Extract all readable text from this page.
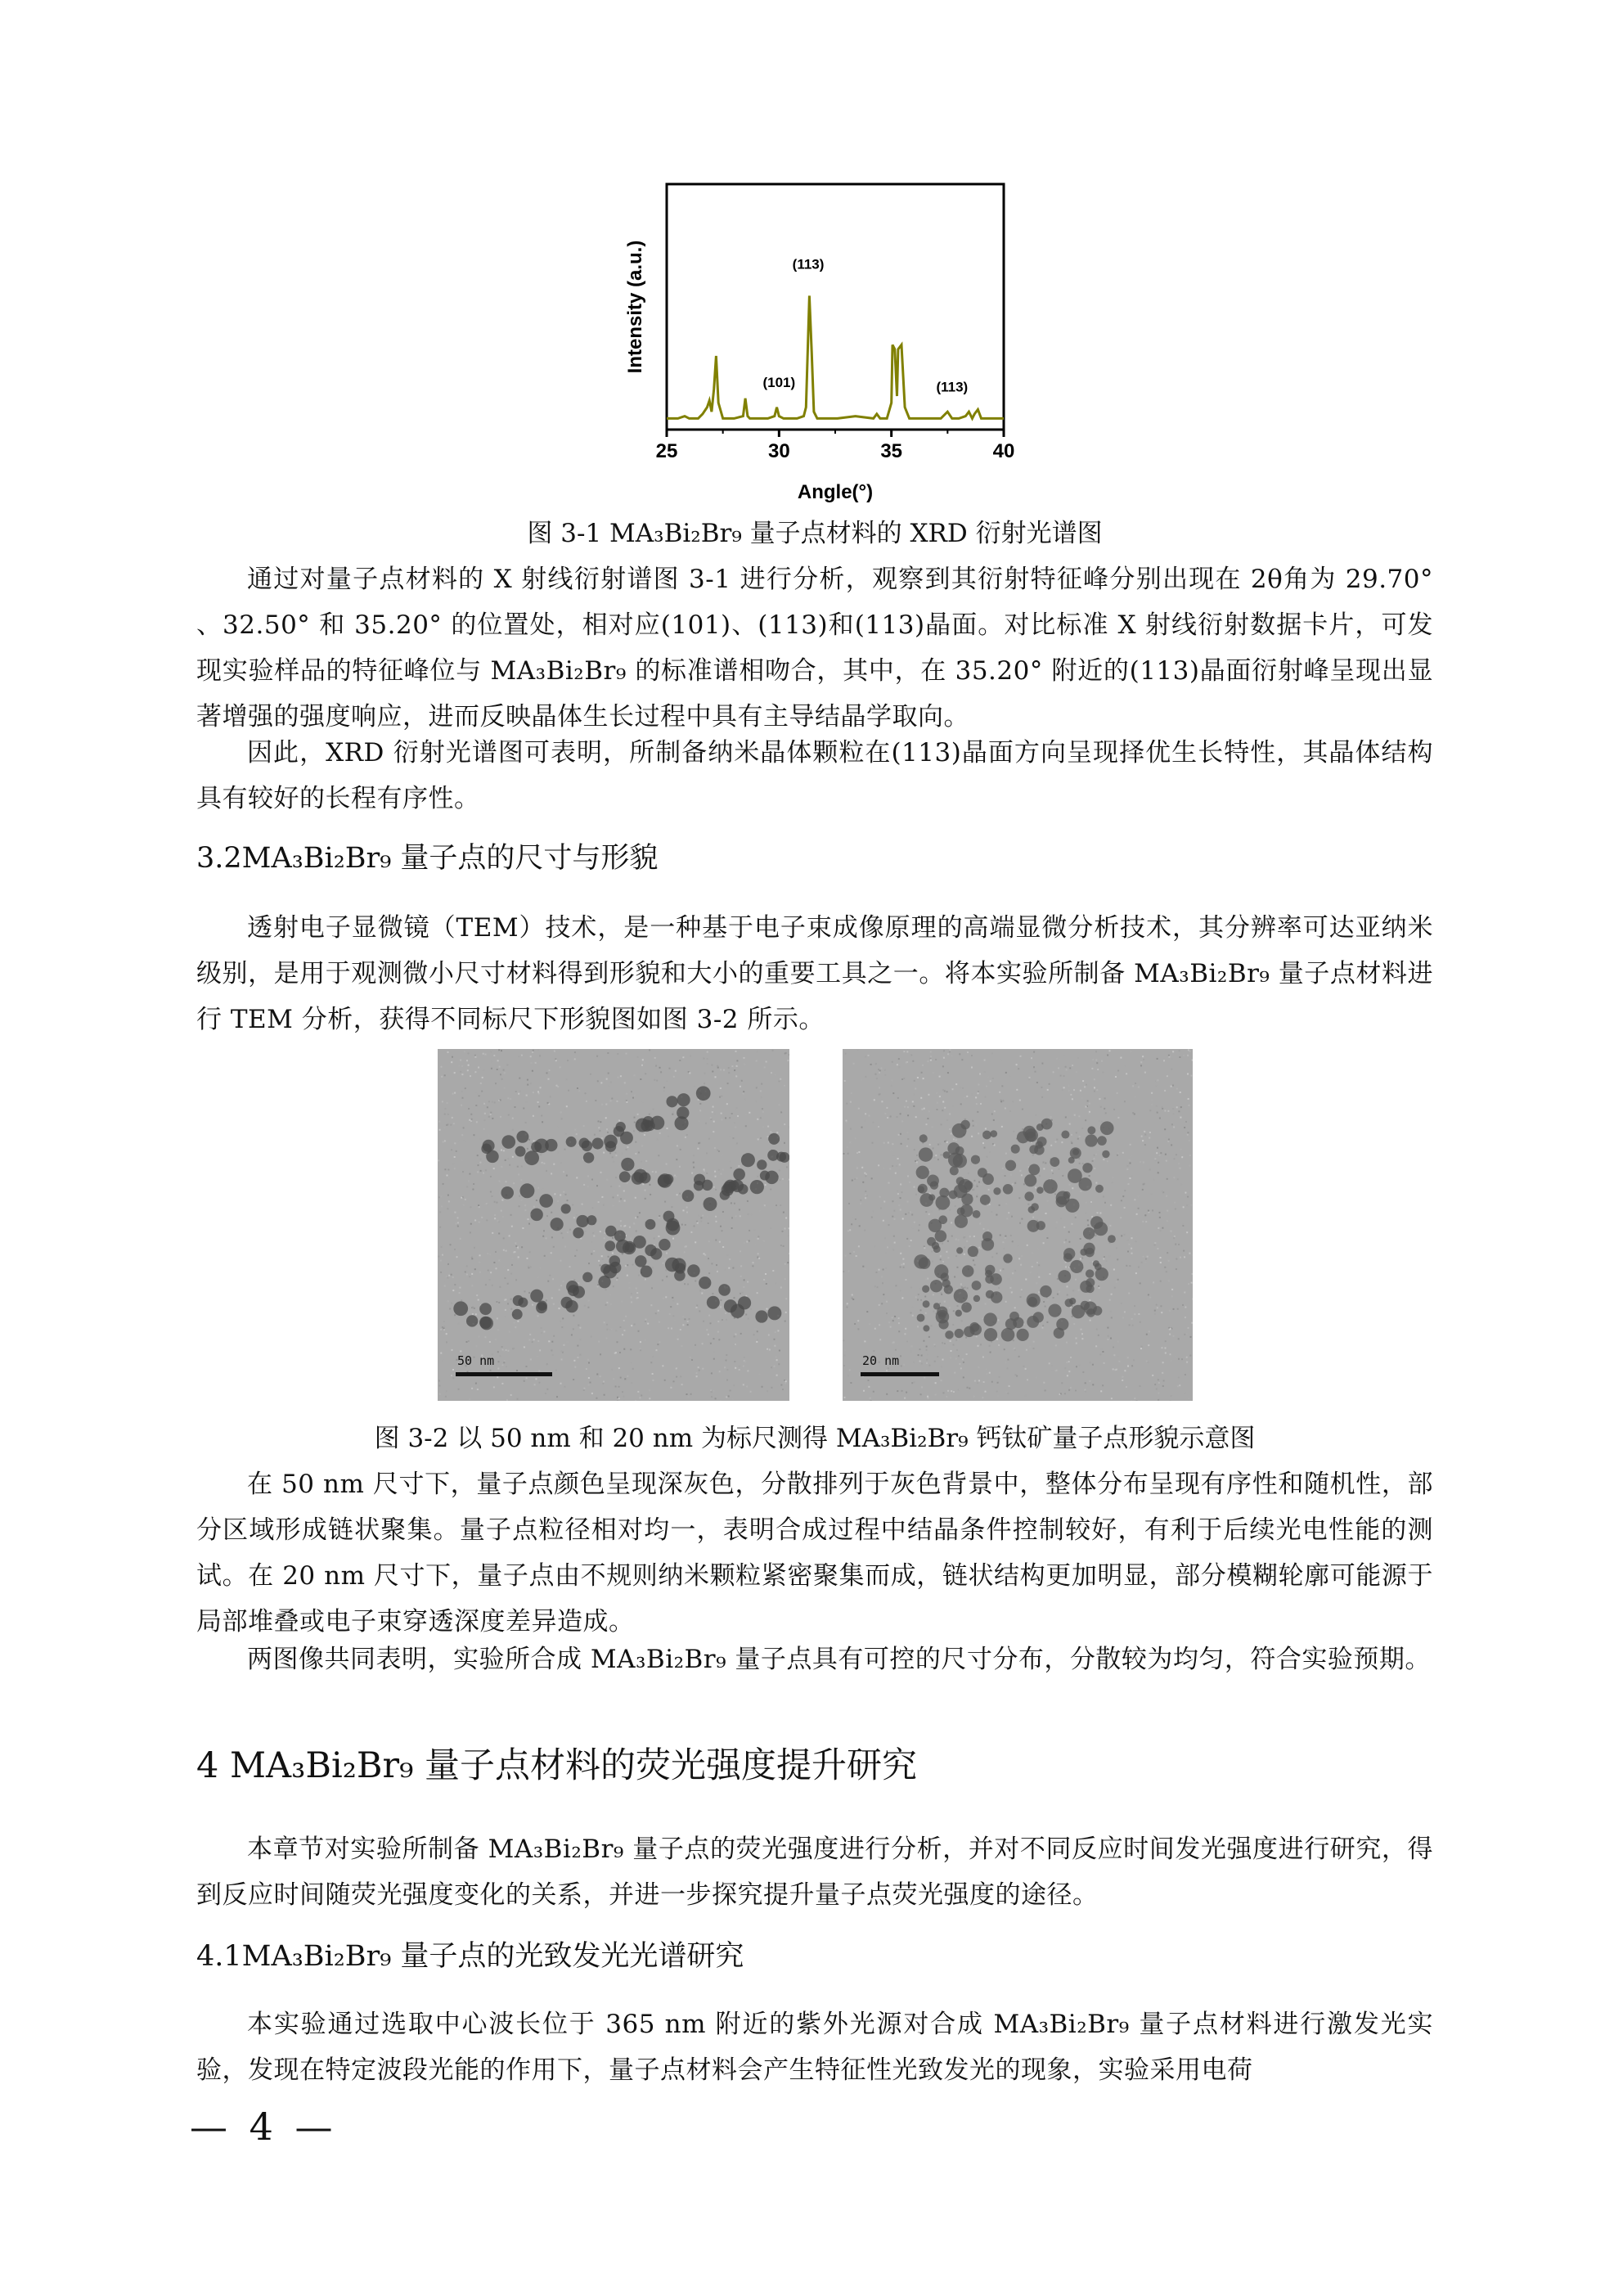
25	30	35	40
(113)
(101)	(113)
Angle(°)
Intensity (a.u.)
图 3-1 MA₃Bi₂Br₉ 量子点材料的 XRD 衍射光谱图
通过对量子点材料的 X 射线衍射谱图 3-1 进行分析，观察到其衍射特征峰分别出现在 2θ角为 29.70° 、32.50° 和 35.20° 的位置处，相对应(101)、(113)和(113)晶面。对比标准 X 射线衍射数据卡片，可发现实验样品的特征峰位与 MA₃Bi₂Br₉ 的标准谱相吻合，其中，在 35.20° 附近的(113)晶面衍射峰呈现出显著增强的强度响应，进而反映晶体生长过程中具有主导结晶学取向。
因此，XRD 衍射光谱图可表明，所制备纳米晶体颗粒在(113)晶面方向呈现择优生长特性，其晶体结构具有较好的长程有序性。
3.2MA₃Bi₂Br₉ 量子点的尺寸与形貌
透射电子显微镜（TEM）技术，是一种基于电子束成像原理的高端显微分析技术，其分辨率可达亚纳米级别，是用于观测微小尺寸材料得到形貌和大小的重要工具之一。将本实验所制备 MA₃Bi₂Br₉ 量子点材料进行 TEM 分析，获得不同标尺下形貌图如图 3-2 所示。
50 nm	20 nm
图 3-2 以 50 nm 和 20 nm 为标尺测得 MA₃Bi₂Br₉ 钙钛矿量子点形貌示意图
在 50 nm 尺寸下，量子点颜色呈现深灰色，分散排列于灰色背景中，整体分布呈现有序性和随机性，部分区域形成链状聚集。量子点粒径相对均一，表明合成过程中结晶条件控制较好，有利于后续光电性能的测试。在 20 nm 尺寸下，量子点由不规则纳米颗粒紧密聚集而成，链状结构更加明显，部分模糊轮廓可能源于局部堆叠或电子束穿透深度差异造成。
两图像共同表明，实验所合成 MA₃Bi₂Br₉ 量子点具有可控的尺寸分布，分散较为均匀，符合实验预期。
4 MA₃Bi₂Br₉ 量子点材料的荧光强度提升研究
本章节对实验所制备 MA₃Bi₂Br₉ 量子点的荧光强度进行分析，并对不同反应时间发光强度进行研究，得到反应时间随荧光强度变化的关系，并进一步探究提升量子点荧光强度的途径。
4.1MA₃Bi₂Br₉ 量子点的光致发光光谱研究
本实验通过选取中心波长位于 365 nm 附近的紫外光源对合成 MA₃Bi₂Br₉ 量子点材料进行激发光实验，发现在特定波段光能的作用下，量子点材料会产生特征性光致发光的现象，实验采用电荷
— 4 —
